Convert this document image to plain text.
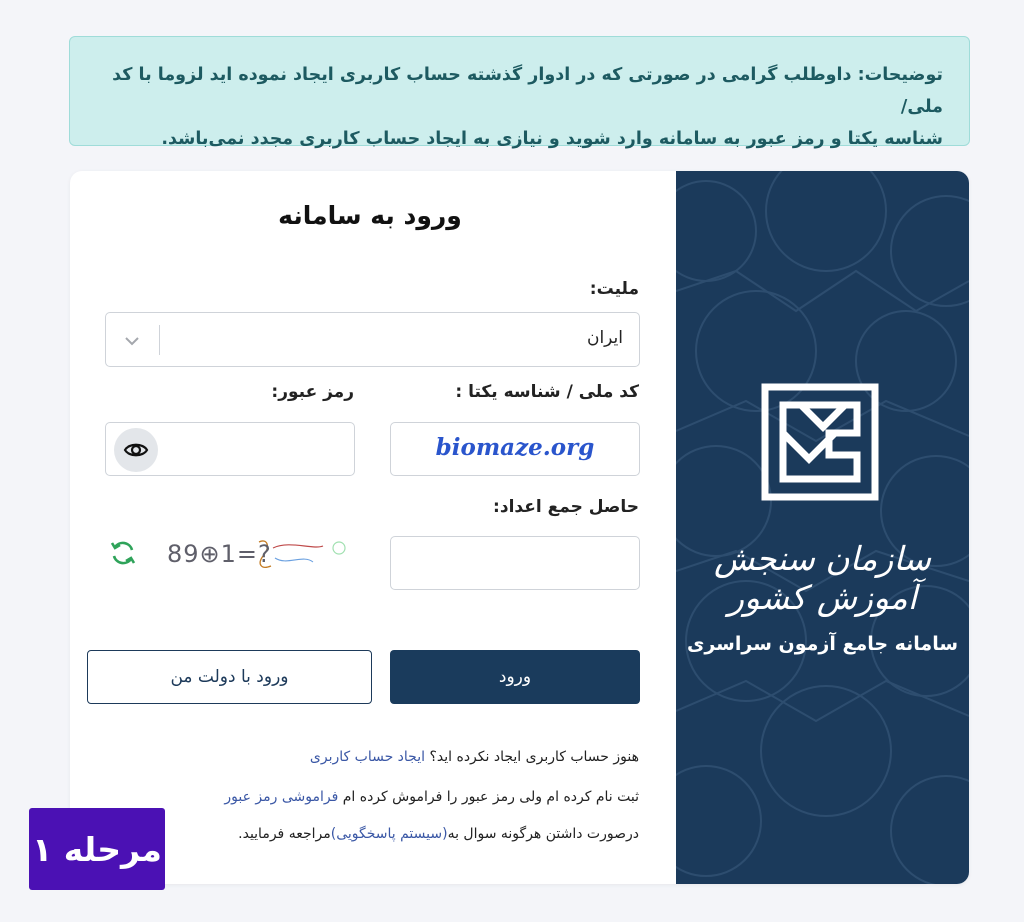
توضیحات: داوطلب گرامی در صورتی که در ادوار گذشته حساب کاربری ایجاد نموده اید لزوما با کد ملی/
شناسه یکتا و رمز عبور به سامانه وارد شوید و نیازی به ایجاد حساب کاربری مجدد نمی‌باشد.
سازمان سنجش آموزش کشور
سامانه جامع آزمون سراسری
ورود به سامانه
ملیت:
ایران
کد ملی / شناسه یکتا :
رمز عبور:
biomaze.org
حاصل جمع اعداد:
89⊕1=?
ورود
ورود با دولت من
هنوز حساب کاربری ایجاد نکرده اید؟ ایجاد حساب کاربری
ثبت نام کرده ام ولی رمز عبور را فراموش کرده ام فراموشی رمز عبور
درصورت داشتن هرگونه سوال به(سیستم پاسخگویی)مراجعه فرمایید.
مرحله ۱
